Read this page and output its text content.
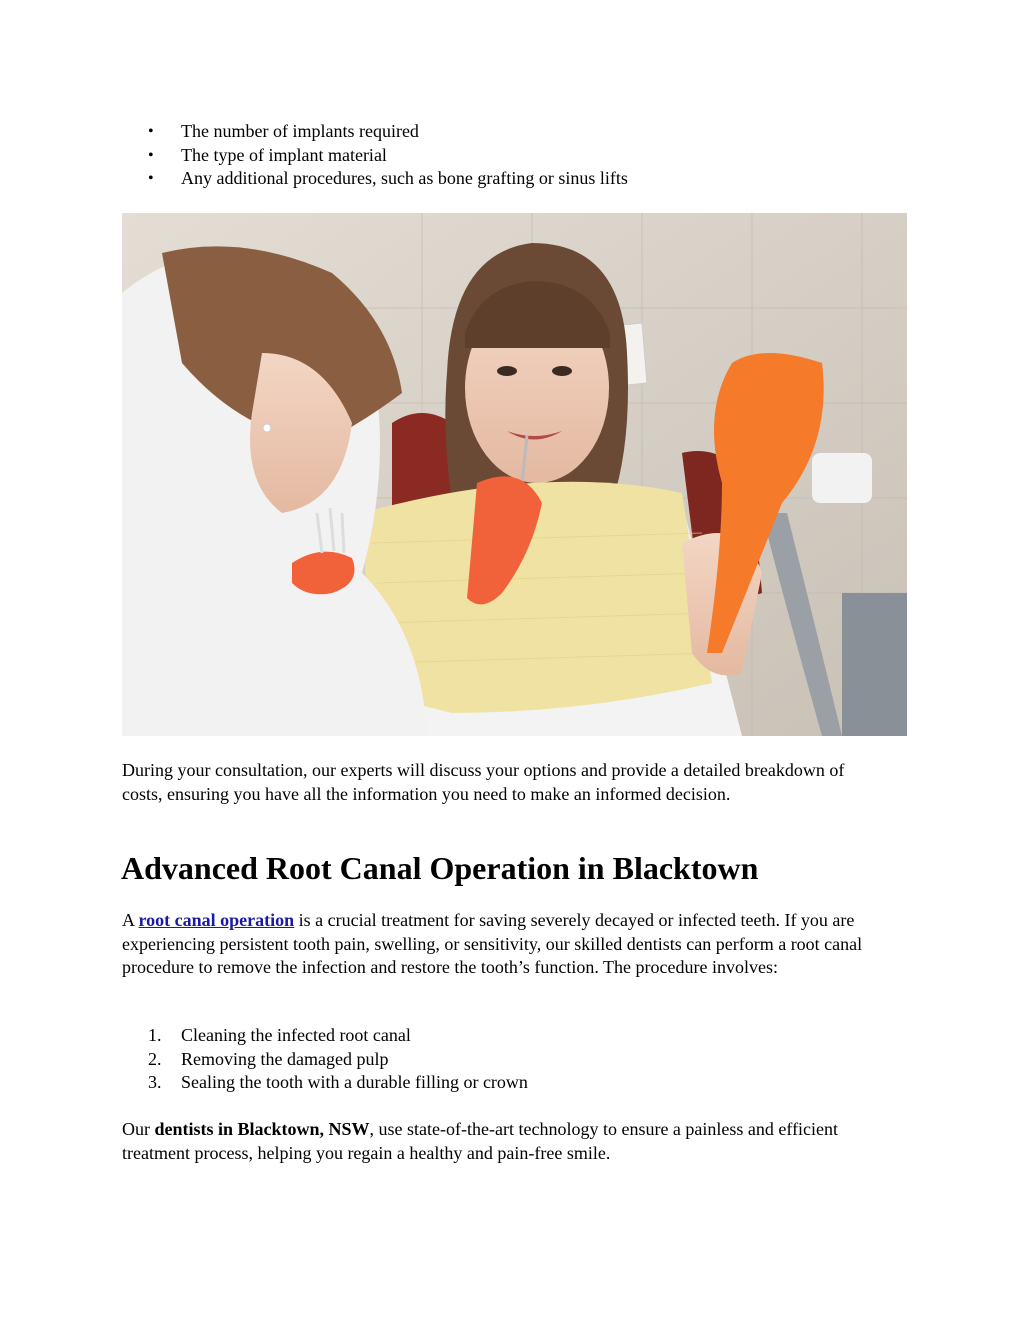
• The number of implants required
• The type of implant material
• Any additional procedures, such as bone grafting or sinus lifts

During your consultation, our experts will discuss your options and provide a detailed breakdown of costs, ensuring you have all the information you need to make an informed decision.

Advanced Root Canal Operation in Blacktown

A root canal operation is a crucial treatment for saving severely decayed or infected teeth. If you are experiencing persistent tooth pain, swelling, or sensitivity, our skilled dentists can perform a root canal procedure to remove the infection and restore the tooth’s function. The procedure involves:

1. Cleaning the infected root canal
2. Removing the damaged pulp
3. Sealing the tooth with a durable filling or crown

Our dentists in Blacktown, NSW, use state-of-the-art technology to ensure a painless and efficient treatment process, helping you regain a healthy and pain-free smile.
